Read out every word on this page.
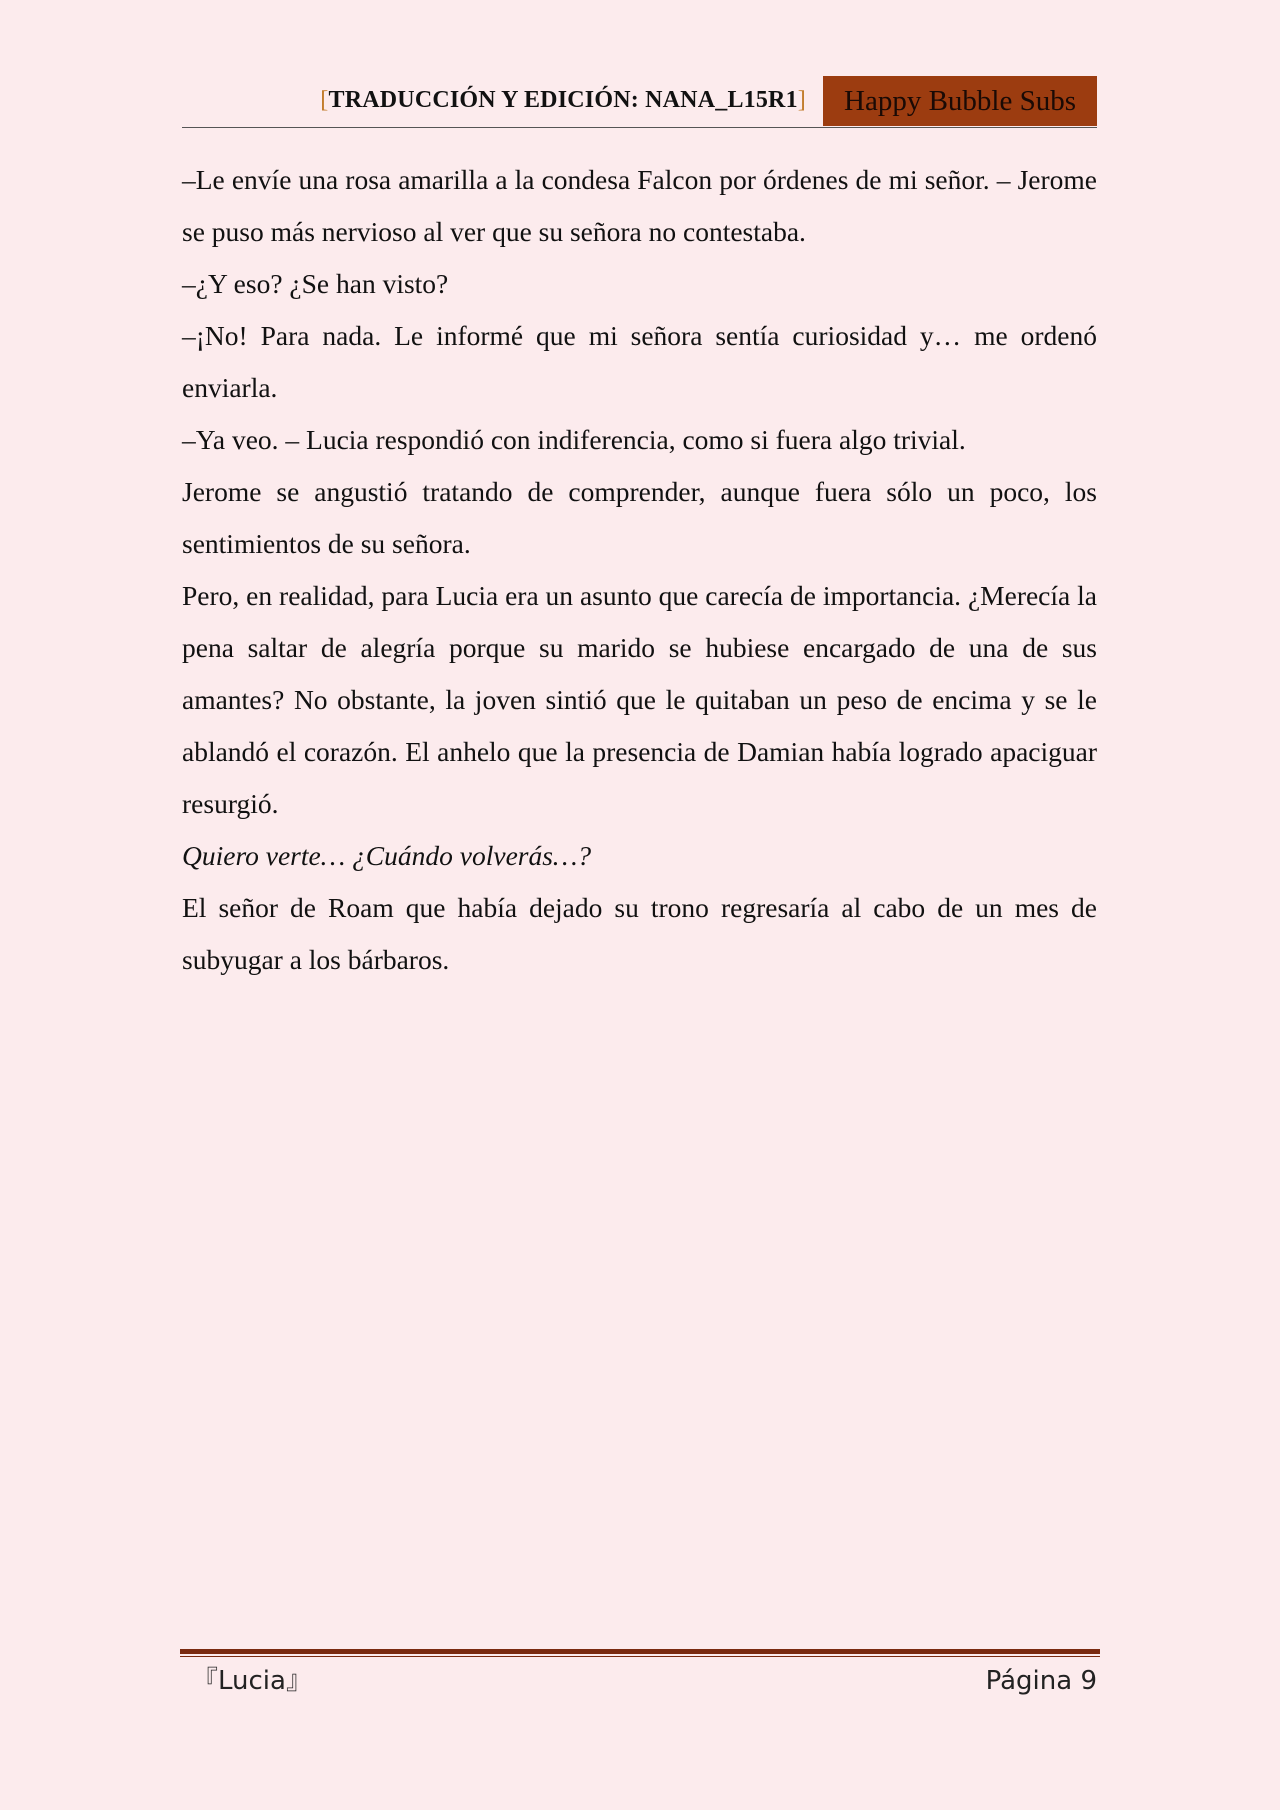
[TRADUCCIÓN Y EDICIÓN: NANA_L15R1]	Happy Bubble Subs

–Le envíe una rosa amarilla a la condesa Falcon por órdenes de mi señor. – Jerome se puso más nervioso al ver que su señora no contestaba.

–¿Y eso? ¿Se han visto?

–¡No! Para nada. Le informé que mi señora sentía curiosidad y… me ordenó enviarla.

–Ya veo. – Lucia respondió con indiferencia, como si fuera algo trivial.

Jerome se angustió tratando de comprender, aunque fuera sólo un poco, los sentimientos de su señora.

Pero, en realidad, para Lucia era un asunto que carecía de importancia. ¿Merecía la pena saltar de alegría porque su marido se hubiese encargado de una de sus amantes? No obstante, la joven sintió que le quitaban un peso de encima y se le ablandó el corazón. El anhelo que la presencia de Damian había logrado apaciguar resurgió.

Quiero verte… ¿Cuándo volverás…?

El señor de Roam que había dejado su trono regresaría al cabo de un mes de subyugar a los bárbaros.

『Lucia』	Página 9
